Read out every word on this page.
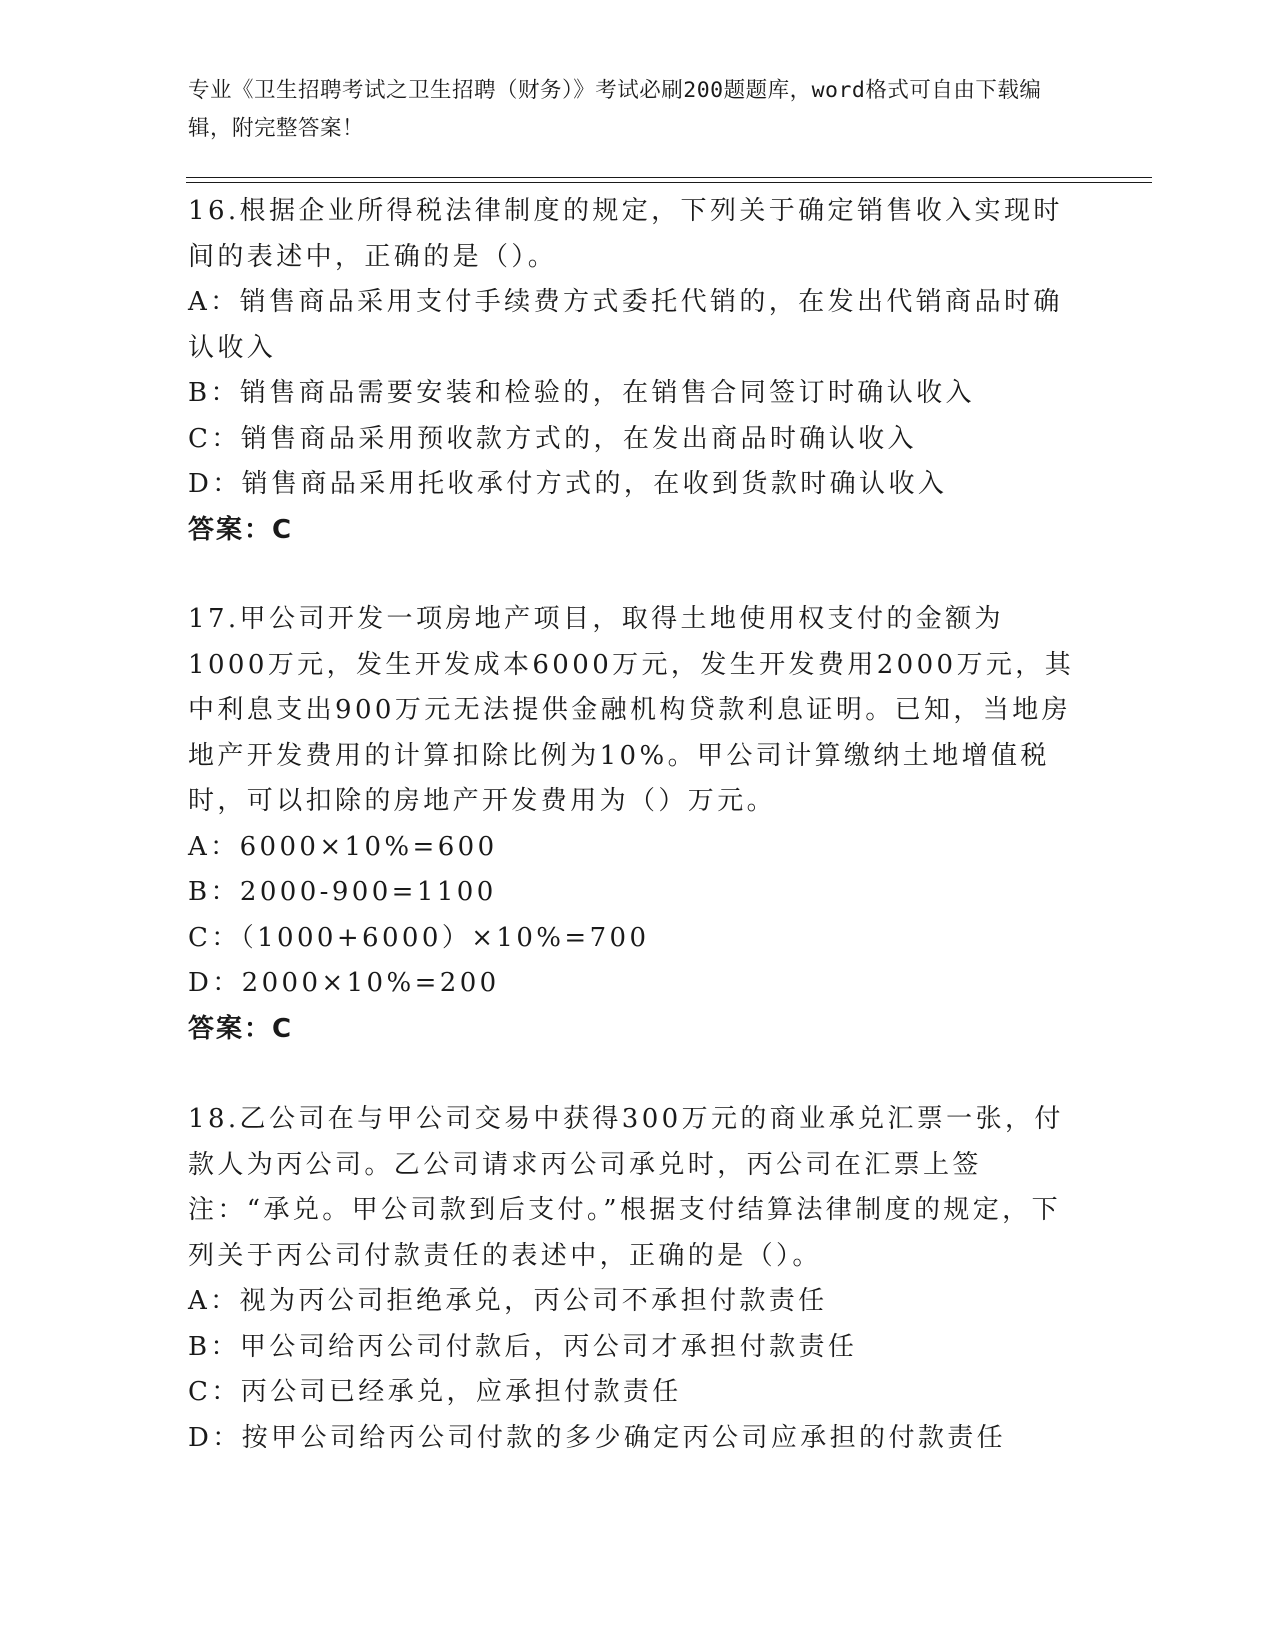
专业《卫生招聘考试之卫生招聘（财务）》考试必刷200题题库，word格式可自由下载编辑，附完整答案！

16.根据企业所得税法律制度的规定，下列关于确定销售收入实现时间的表述中，正确的是（）。

A：销售商品采用支付手续费方式委托代销的，在发出代销商品时确认收入

B：销售商品需要安装和检验的，在销售合同签订时确认收入

C：销售商品采用预收款方式的，在发出商品时确认收入

D：销售商品采用托收承付方式的，在收到货款时确认收入

答案：C

17.甲公司开发一项房地产项目，取得土地使用权支付的金额为1000万元，发生开发成本6000万元，发生开发费用2000万元，其中利息支出900万元无法提供金融机构贷款利息证明。已知，当地房地产开发费用的计算扣除比例为10%。甲公司计算缴纳土地增值税时，可以扣除的房地产开发费用为（）万元。

A：6000×10%=600

B：2000-900=1100

C：（1000+6000）×10%=700

D：2000×10%=200

答案：C

18.乙公司在与甲公司交易中获得300万元的商业承兑汇票一张，付款人为丙公司。乙公司请求丙公司承兑时，丙公司在汇票上签注：“承兑。甲公司款到后支付。”根据支付结算法律制度的规定，下列关于丙公司付款责任的表述中，正确的是（）。

A：视为丙公司拒绝承兑，丙公司不承担付款责任

B：甲公司给丙公司付款后，丙公司才承担付款责任

C：丙公司已经承兑，应承担付款责任

D：按甲公司给丙公司付款的多少确定丙公司应承担的付款责任
